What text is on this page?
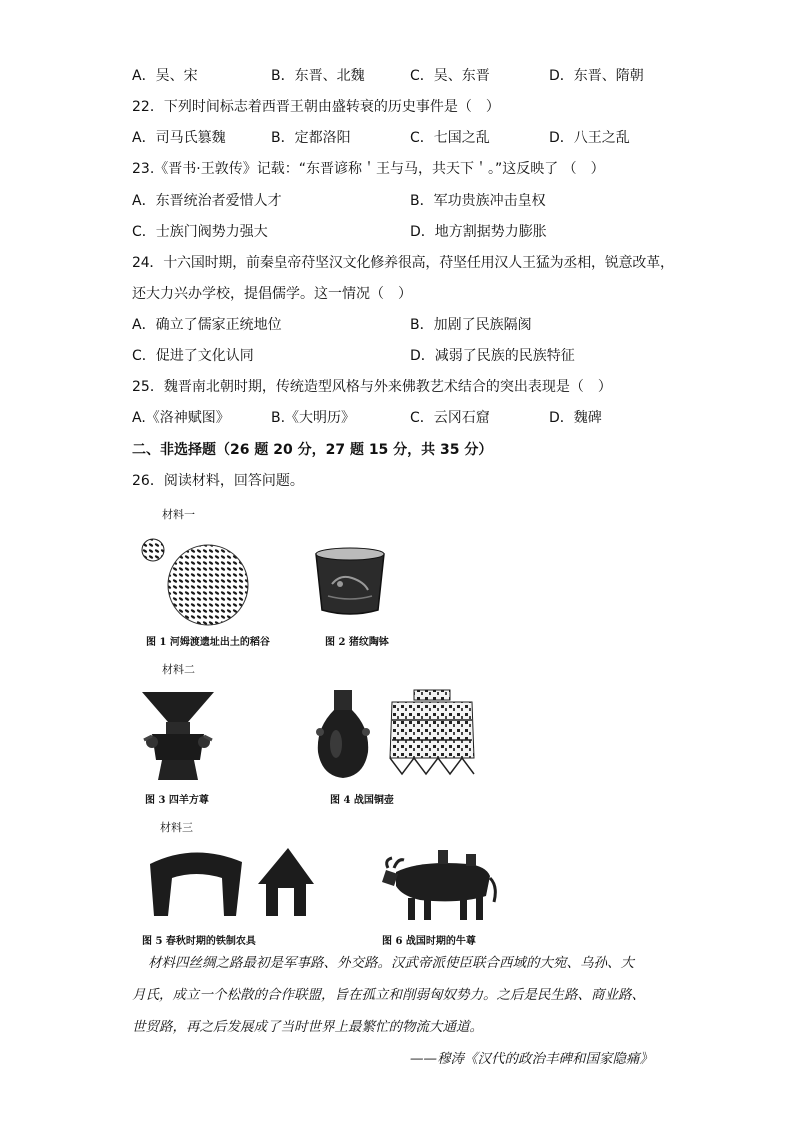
A．吴、宋	B．东晋、北魏	C．吴、东晋	D．东晋、隋朝
22．下列时间标志着西晋王朝由盛转衰的历史事件是（　）
A．司马氏篡魏	B．定都洛阳	C．七国之乱	D．八王之乱
23.《晋书·王敦传》记载：“东晋谚称＇王与马，共天下＇。”这反映了 （　）
A．东晋统治者爱惜人才	B．军功贵族冲击皇权
C．士族门阀势力强大	D．地方割据势力膨胀
24．十六国时期，前秦皇帝苻坚汉文化修养很高，苻坚任用汉人王猛为丞相，锐意改革，
还大力兴办学校，提倡儒学。这一情况（　）
A．确立了儒家正统地位	B．加剧了民族隔阂
C．促进了文化认同	D．减弱了民族的民族特征
25．魏晋南北朝时期，传统造型风格与外来佛教艺术结合的突出表现是（　）
A.《洛神赋图》	B.《大明历》	C．云冈石窟	D．魏碑
二、非选择题（26 题 20 分，27 题 15 分，共 35 分）
26．阅读材料，回答问题。
材料一
图 1 河姆渡遗址出土的稻谷	图 2 猪纹陶钵
材料二
图 3 四羊方尊	图 4 战国铜壶
材料三
图 5 春秋时期的铁制农具	图 6 战国时期的牛尊
材料四丝绸之路最初是军事路、外交路。汉武帝派使臣联合西域的大宛、乌孙、大
月氏，成立一个松散的合作联盟，旨在孤立和削弱匈奴势力。之后是民生路、商业路、
世贸路，再之后发展成了当时世界上最繁忙的物流大通道。
——穆涛《汉代的政治丰碑和国家隐痛》
